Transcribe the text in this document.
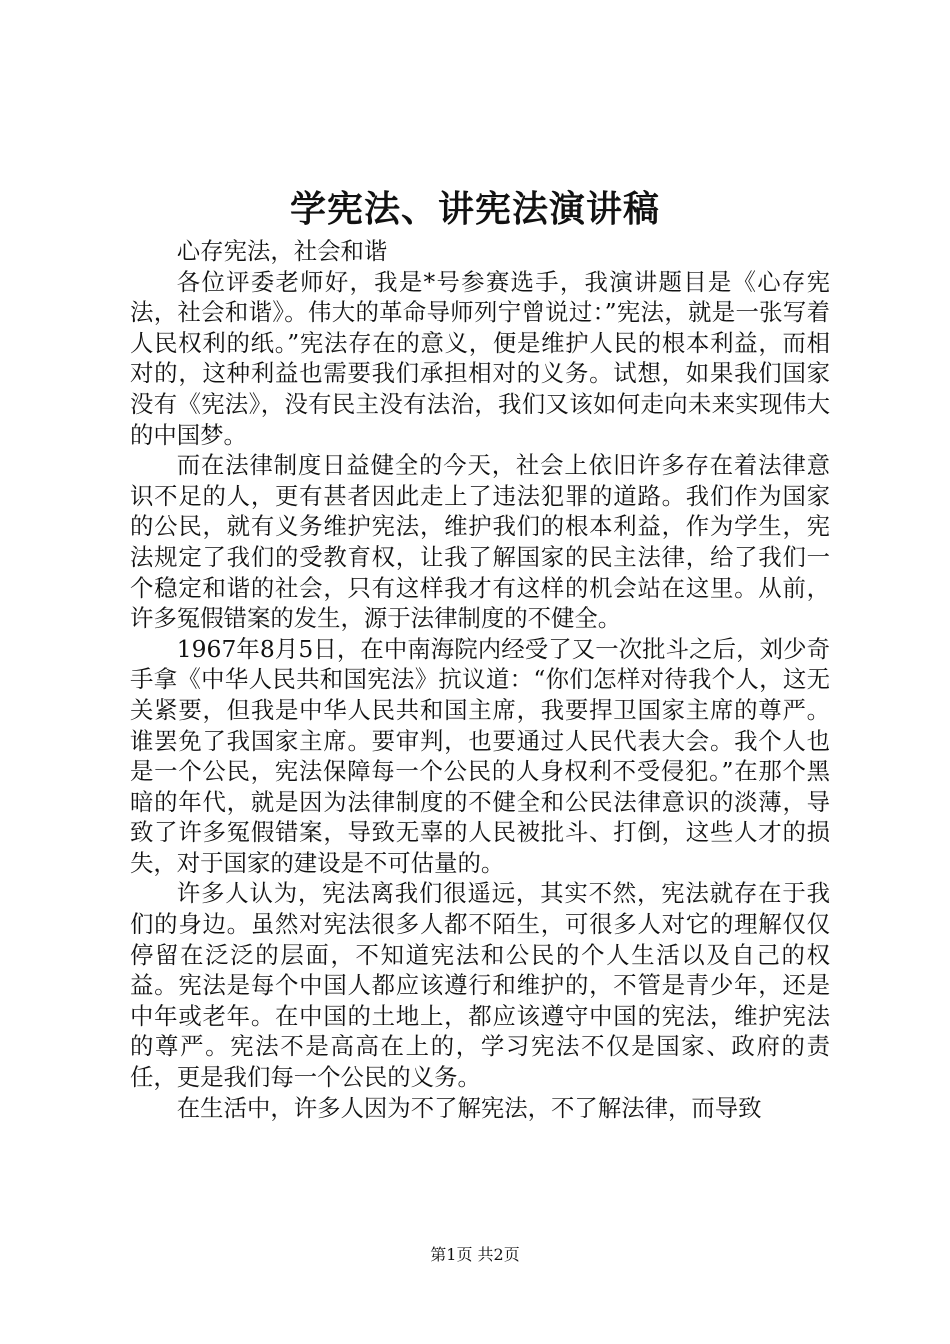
学宪法、讲宪法演讲稿

心存宪法，社会和谐

各位评委老师好，我是*号参赛选手，我演讲题目是《心存宪法，社会和谐》。伟大的革命导师列宁曾说过：”宪法，就是一张写着人民权利的纸。”宪法存在的意义，便是维护人民的根本利益，而相对的，这种利益也需要我们承担相对的义务。试想，如果我们国家没有《宪法》，没有民主没有法治，我们又该如何走向未来实现伟大的中国梦。

而在法律制度日益健全的今天，社会上依旧许多存在着法律意识不足的人，更有甚者因此走上了违法犯罪的道路。我们作为国家的公民，就有义务维护宪法，维护我们的根本利益，作为学生，宪法规定了我们的受教育权，让我了解国家的民主法律，给了我们一个稳定和谐的社会，只有这样我才有这样的机会站在这里。从前，许多冤假错案的发生，源于法律制度的不健全。

1967年8月5日，在中南海院内经受了又一次批斗之后，刘少奇手拿《中华人民共和国宪法》抗议道：“你们怎样对待我个人，这无关紧要，但我是中华人民共和国主席，我要捍卫国家主席的尊严。谁罢免了我国家主席。要审判，也要通过人民代表大会。我个人也是一个公民，宪法保障每一个公民的人身权利不受侵犯。”在那个黑暗的年代，就是因为法律制度的不健全和公民法律意识的淡薄，导致了许多冤假错案，导致无辜的人民被批斗、打倒，这些人才的损失，对于国家的建设是不可估量的。

许多人认为，宪法离我们很遥远，其实不然，宪法就存在于我们的身边。虽然对宪法很多人都不陌生，可很多人对它的理解仅仅停留在泛泛的层面，不知道宪法和公民的个人生活以及自己的权益。宪法是每个中国人都应该遵行和维护的，不管是青少年，还是中年或老年。在中国的土地上，都应该遵守中国的宪法，维护宪法的尊严。宪法不是高高在上的，学习宪法不仅是国家、政府的责任，更是我们每一个公民的义务。

在生活中，许多人因为不了解宪法，不了解法律，而导致

第1页 共2页
